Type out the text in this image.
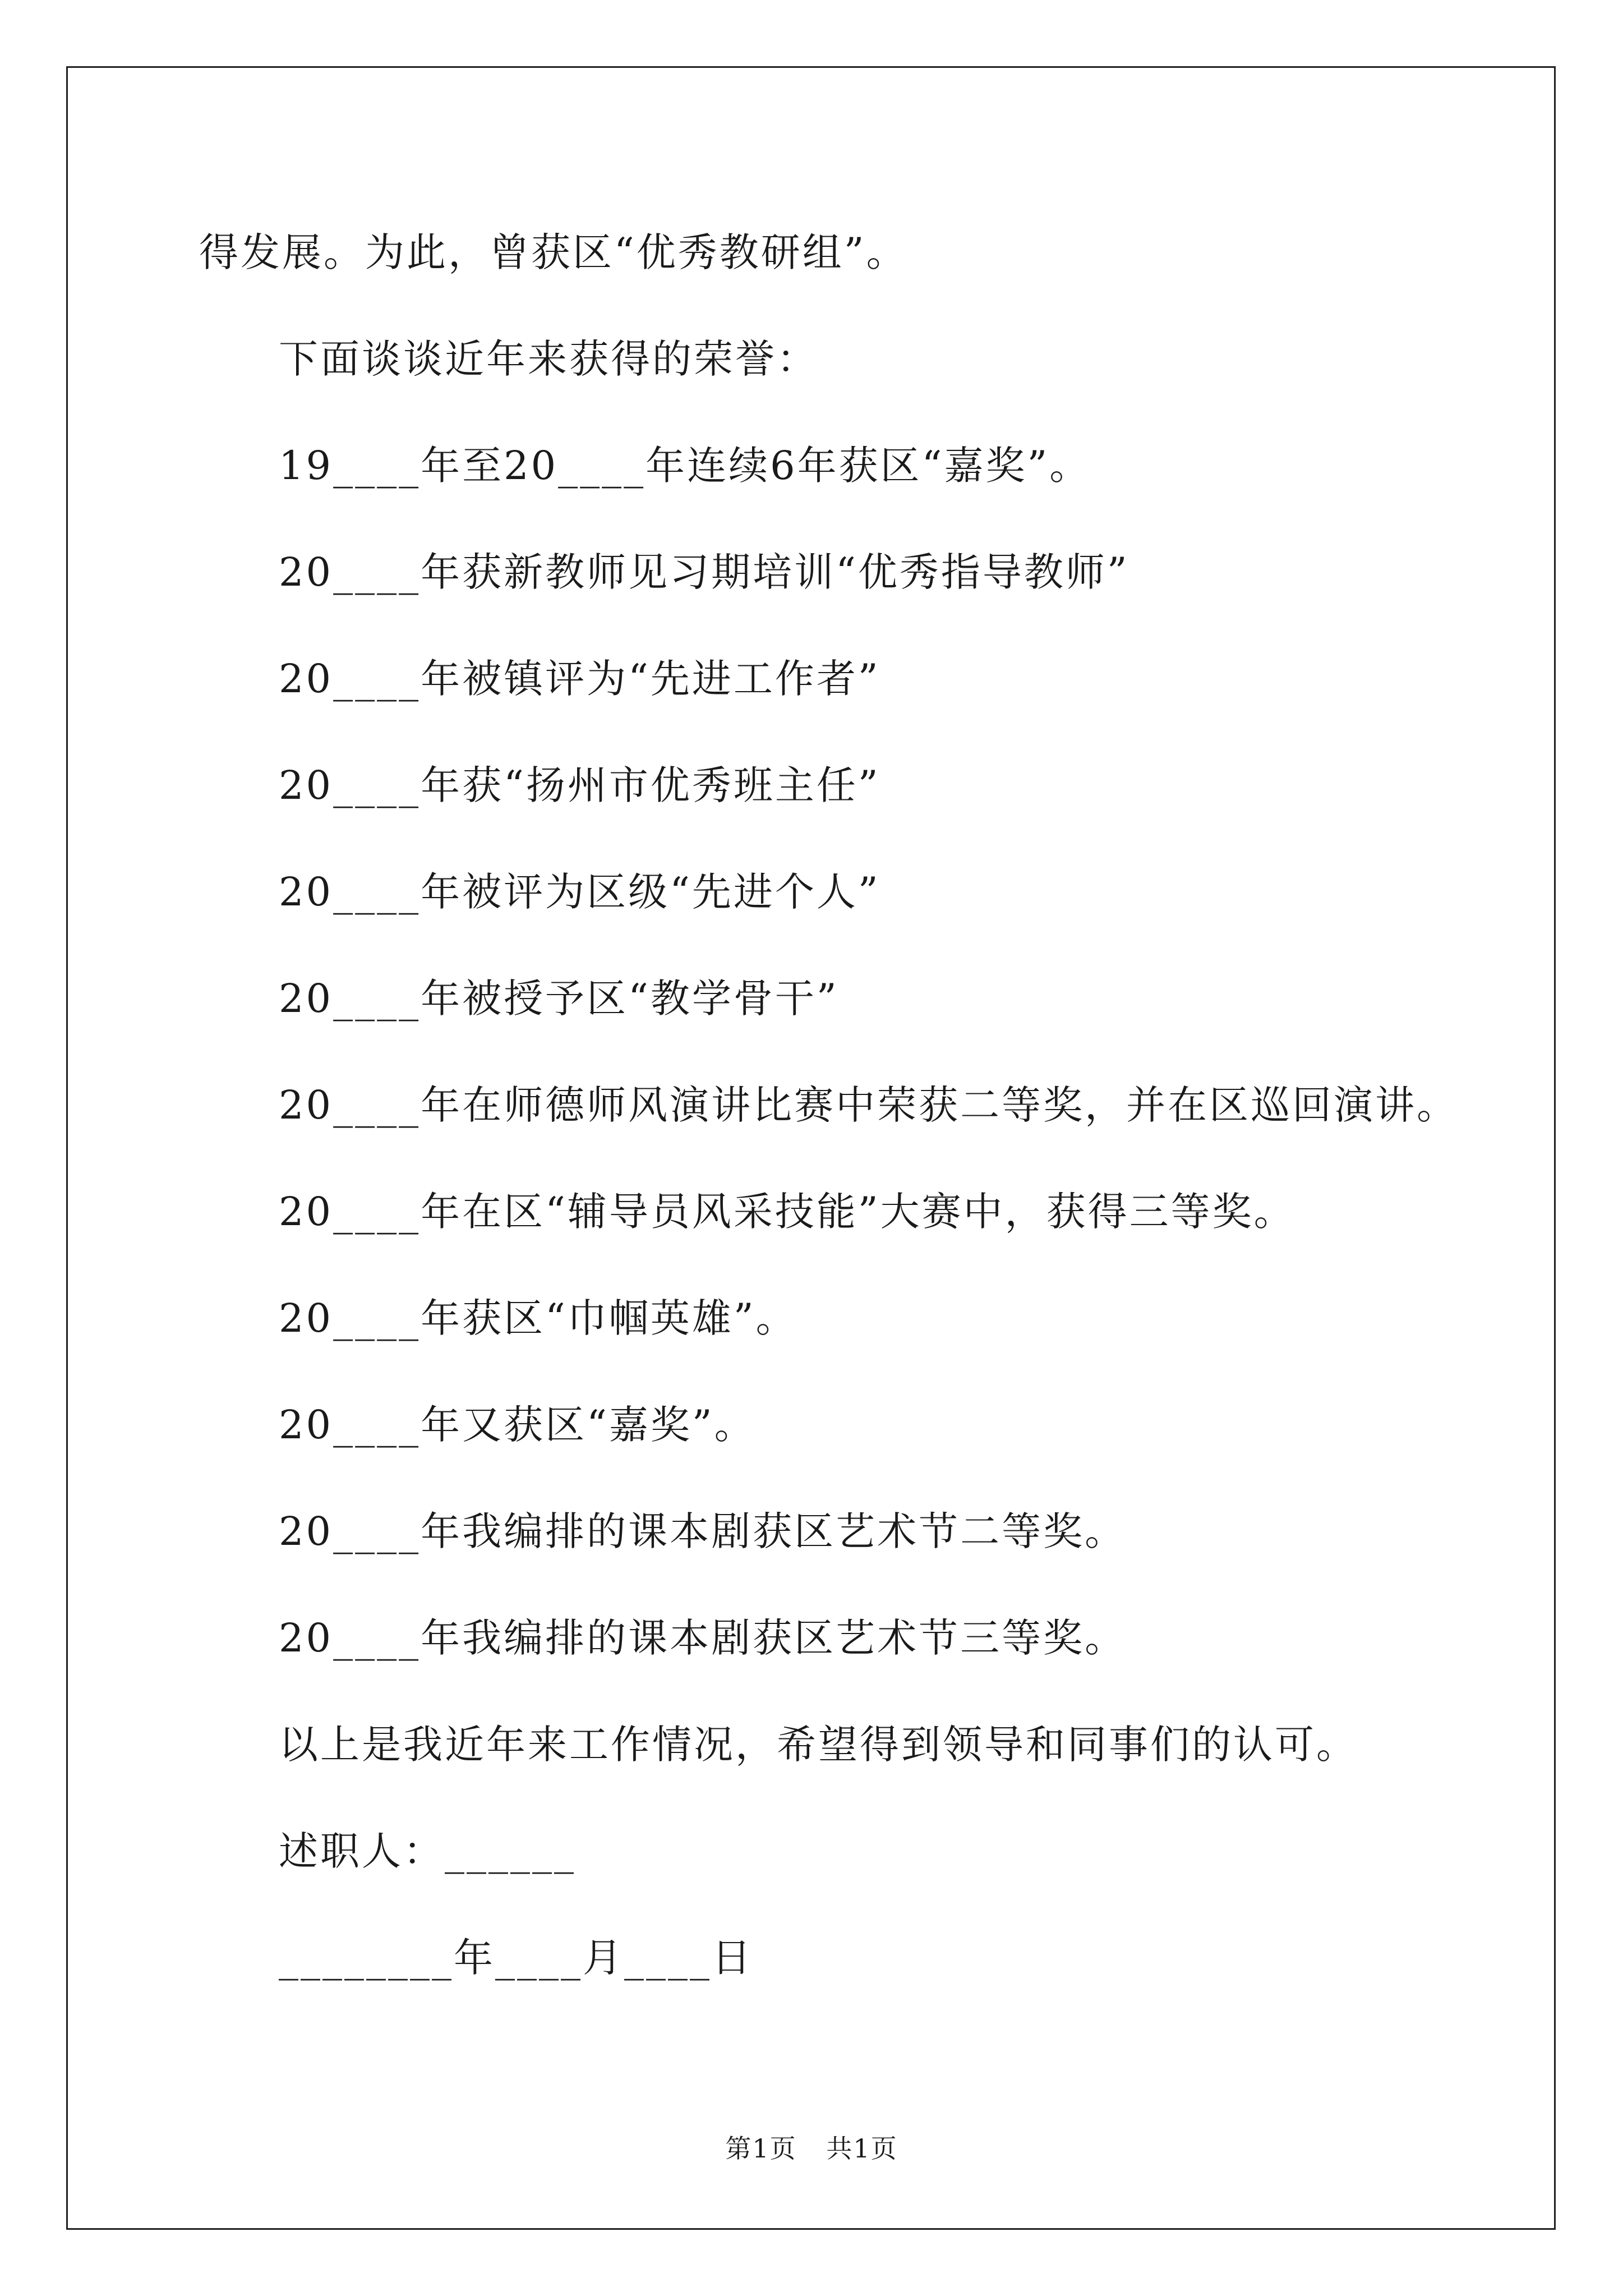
得发展。为此，曾获区“优秀教研组”。
下面谈谈近年来获得的荣誉：
19____年至20____年连续6年获区“嘉奖”。
20____年获新教师见习期培训“优秀指导教师”
20____年被镇评为“先进工作者”
20____年获“扬州市优秀班主任”
20____年被评为区级“先进个人”
20____年被授予区“教学骨干”
20____年在师德师风演讲比赛中荣获二等奖，并在区巡回演讲。
20____年在区“辅导员风采技能”大赛中，获得三等奖。
20____年获区“巾帼英雄”。
20____年又获区“嘉奖”。
20____年我编排的课本剧获区艺术节二等奖。
20____年我编排的课本剧获区艺术节三等奖。
以上是我近年来工作情况，希望得到领导和同事们的认可。
述职人：______
________年____月____日
第1页 共1页
